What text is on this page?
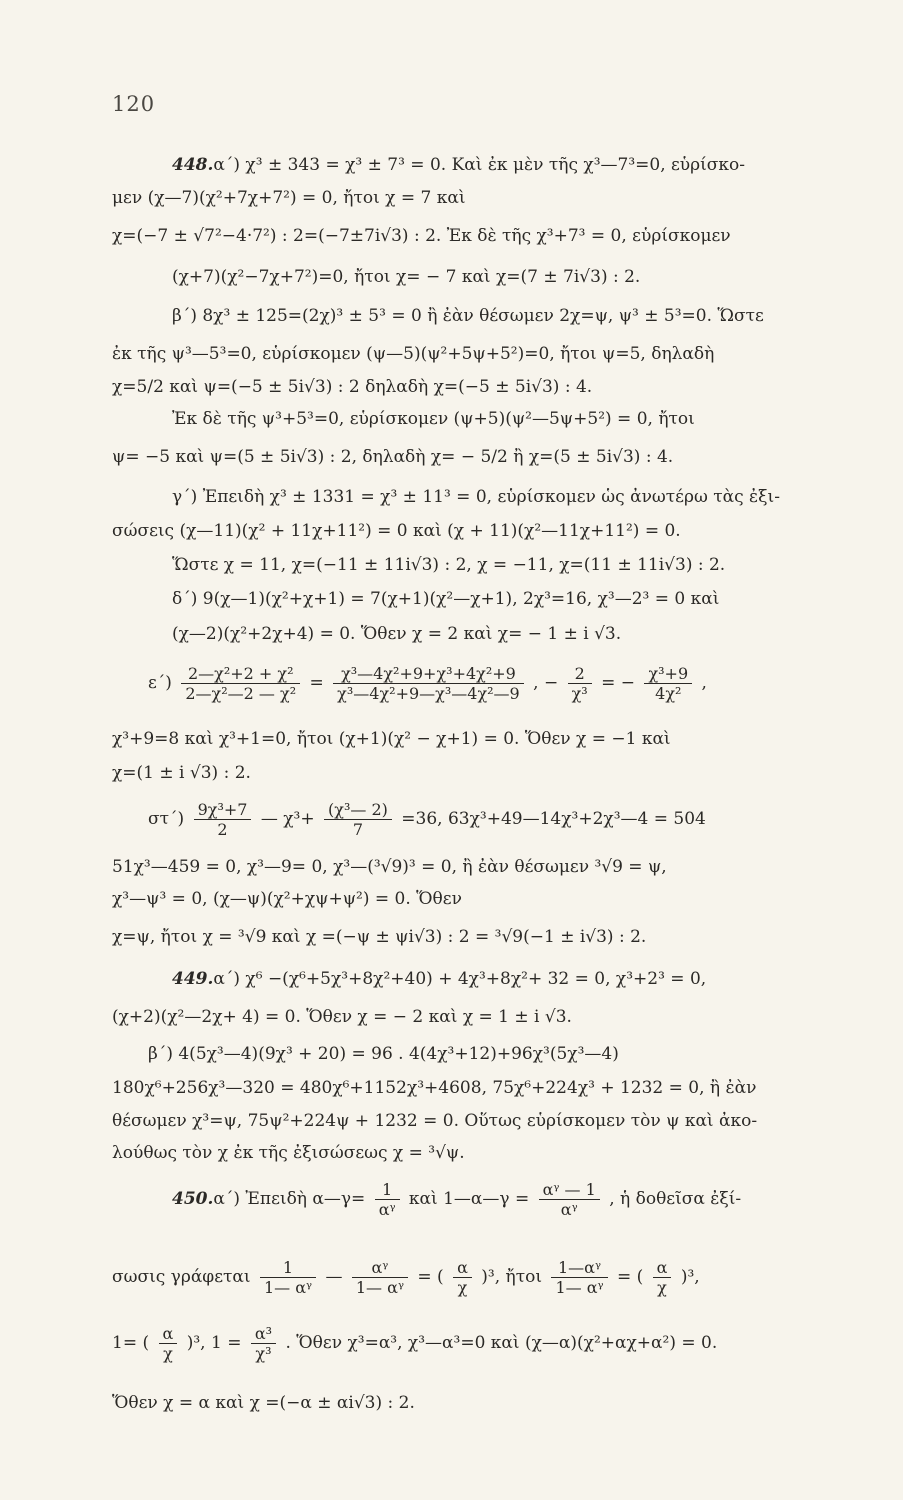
120
448.α΄) χ³ ± 343 = χ³ ± 7³ = 0. Καὶ ἐκ μὲν τῆς χ³—7³=0, εὑρίσκο-
μεν (χ—7)(χ²+7χ+7²) = 0, ἤτοι χ = 7 καὶ
χ=(−7 ± √7²−4·7²) : 2=(−7±7i√3) : 2. Ἐκ δὲ τῆς χ³+7³ = 0, εὑρίσκομεν
(χ+7)(χ²−7χ+7²)=0, ἤτοι χ= − 7 καὶ χ=(7 ± 7i√3) : 2.
β΄) 8χ³ ± 125=(2χ)³ ± 5³ = 0 ἢ ἐὰν θέσωμεν 2χ=ψ, ψ³ ± 5³=0. Ὥστε
ἐκ τῆς ψ³—5³=0, εὑρίσκομεν (ψ—5)(ψ²+5ψ+5²)=0, ἤτοι ψ=5, δηλαδὴ
χ=5/2 καὶ ψ=(−5 ± 5i√3) : 2 δηλαδὴ χ=(−5 ± 5i√3) : 4.
Ἐκ δὲ τῆς ψ³+5³=0, εὑρίσκομεν (ψ+5)(ψ²—5ψ+5²) = 0, ἤτοι
ψ= −5 καὶ ψ=(5 ± 5i√3) : 2, δηλαδὴ χ= − 5/2 ἢ χ=(5 ± 5i√3) : 4.
γ΄) Ἐπειδὴ χ³ ± 1331 = χ³ ± 11³ = 0, εὑρίσκομεν ὡς ἀνωτέρω τὰς ἐξι-
σώσεις (χ—11)(χ² + 11χ+11²) = 0 καὶ (χ + 11)(χ²—11χ+11²) = 0.
Ὥστε χ = 11, χ=(−11 ± 11i√3) : 2, χ = −11, χ=(11 ± 11i√3) : 2.
δ΄) 9(χ—1)(χ²+χ+1) = 7(χ+1)(χ²—χ+1), 2χ³=16, χ³—2³ = 0 καὶ
(χ—2)(χ²+2χ+4) = 0. Ὅθεν χ = 2 καὶ χ= − 1 ± i √3.
$\varepsilon΄) \frac{\text{2—χ²+2 + χ²}}{\text{2—χ²—2 — χ²}} = \frac{\text{χ³—4χ²+9+χ³+4χ²+9}}{\text{χ³—4χ²+9—χ³—4χ²—9}}$ , − $\frac{2}{\text{χ³}}$ = − $\frac{\text{χ³+9}}{\text{4χ²}}$ ,
χ³+9=8 καὶ χ³+1=0, ἤτοι (χ+1)(χ² − χ+1) = 0. Ὅθεν χ = −1 καὶ
χ=(1 ± i √3) : 2.
$\sigma\tau΄) \frac{\text{9χ³+7}}{2}$ — $\chi^3+ \frac{\text{(χ³— 2)}}{7} =36$, 63χ³+49—14χ³+2χ³—4 = 504
51χ³—459 = 0, χ³—9= 0, χ³—(³√9)³ = 0, ἢ ἐὰν θέσωμεν ³√9 = ψ,
χ³—ψ³ = 0, (χ—ψ)(χ²+χψ+ψ²) = 0. Ὅθεν
χ=ψ, ἤτοι χ = ³√9 καὶ χ =(−ψ ± ψi√3) : 2 = ³√9(−1 ± i√3) : 2.
449.α΄) χ⁶ −(χ⁶+5χ³+8χ²+40) + 4χ³+8χ²+ 32 = 0, χ³+2³ = 0,
(χ+2)(χ²—2χ+ 4) = 0. Ὅθεν χ = − 2 καὶ χ = 1 ± i √3.
β΄) 4(5χ³—4)(9χ³ + 20) = 96 . 4(4χ³+12)+96χ³(5χ³—4)
180χ⁶+256χ³—320 = 480χ⁶+1152χ³+4608, 75χ⁶+224χ³ + 1232 = 0, ἢ ἐὰν
θέσωμεν χ³=ψ, 75ψ²+224ψ + 1232 = 0. Οὕτως εὑρίσκομεν τὸν ψ καὶ ἀκο-
λούθως τὸν χ ἐκ τῆς ἐξισώσεως χ = ³√ψ.
450.α΄) Ἐπειδὴ α—γ= $\frac{1}{\text{αᵞ}}$ καὶ 1—α—γ = $\frac{\text{αᵞ — 1}}{\text{αᵞ}}$ , ἡ δοθεῖσα ἐξί-
σωσις γράφεται $\frac{1}{\text{1— αᵞ}}$ — $\frac{\text{αᵞ}}{\text{1— αᵞ}}$ = ( $\frac{\alpha}{\chi} )^3$, ἤτοι $\frac{\text{1—αᵞ}}{\text{1— αᵞ}}$ = ( $\frac{\alpha}{\chi} )^3$,
1= ( $\frac{\alpha}{\chi} )^3$, $1 = \frac{\text{α³}}{\text{χ³}}$ . Ὅθεν χ³=α³, χ³—α³=0 καὶ (χ—α)(χ²+αχ+α²) = 0.
Ὅθεν χ = α καὶ χ =(−α ± αi√3) : 2.
